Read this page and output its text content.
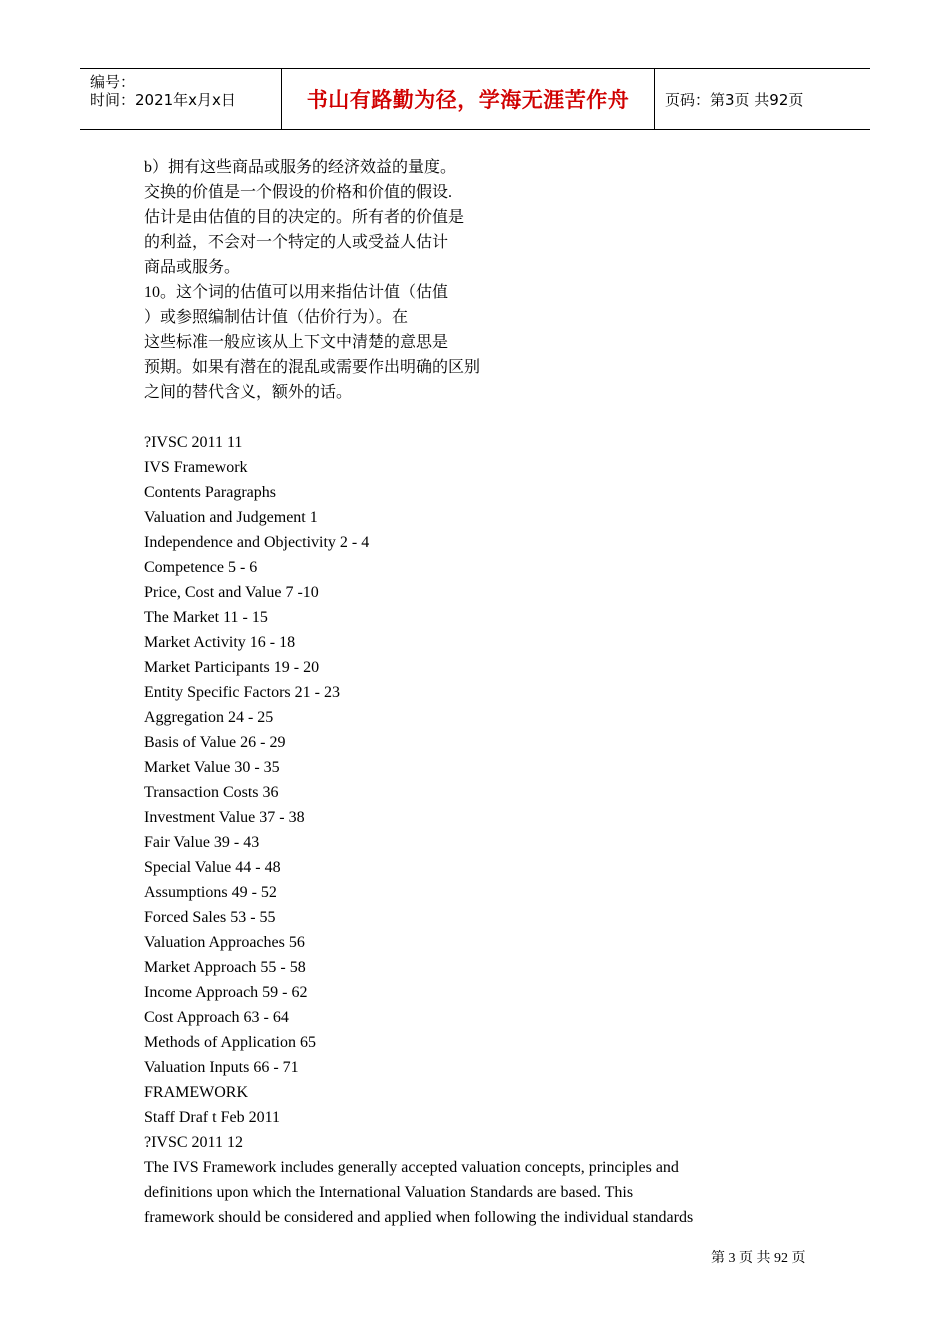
编号：
时间：2021年x月x日	书山有路勤为径，学海无涯苦作舟	页码：第3页 共92页
b）拥有这些商品或服务的经济效益的量度。
交换的价值是一个假设的价格和价值的假设.
估计是由估值的目的决定的。所有者的价值是
的利益，不会对一个特定的人或受益人估计
商品或服务。
10。这个词的估值可以用来指估计值（估值
）或参照编制估计值（估价行为）。在
这些标准一般应该从上下文中清楚的意思是
预期。如果有潜在的混乱或需要作出明确的区别
之间的替代含义，额外的话。
?IVSC 2011 11
IVS Framework
Contents Paragraphs
Valuation and Judgement 1
Independence and Objectivity 2 - 4
Competence 5 - 6
Price, Cost and Value 7 -10
The Market 11 - 15
Market Activity 16 - 18
Market Participants 19 - 20
Entity Specific Factors 21 - 23
Aggregation 24 - 25
Basis of Value 26 - 29
Market Value 30 - 35
Transaction Costs 36
Investment Value 37 - 38
Fair Value 39 - 43
Special Value 44 - 48
Assumptions 49 - 52
Forced Sales 53 - 55
Valuation Approaches 56
Market Approach 55 - 58
Income Approach 59 - 62
Cost Approach 63 - 64
Methods of Application 65
Valuation Inputs 66 - 71
FRAMEWORK
Staff Draf t Feb 2011
?IVSC 2011 12
The IVS Framework includes generally accepted valuation concepts, principles and
definitions upon which the International Valuation Standards are based. This
framework should be considered and applied when following the individual standards
第 3 页 共 92 页
